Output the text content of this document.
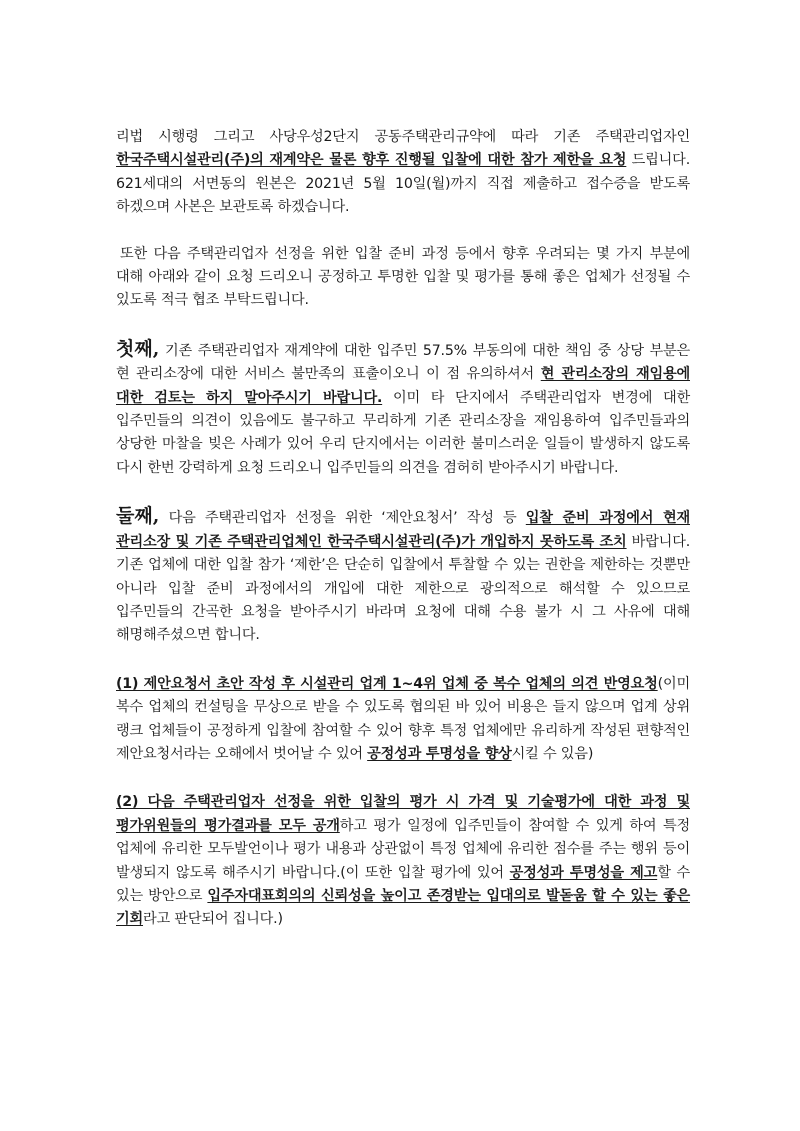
리법 시행령 그리고 사당우성2단지 공동주택관리규약에 따라 기존 주택관리업자인 한국주택시설관리(주)의 재계약은 물론 향후 진행될 입찰에 대한 참가 제한을 요청 드립니다. 621세대의 서면동의 원본은 2021년 5월 10일(월)까지 직접 제출하고 접수증을 받도록 하겠으며 사본은 보관토록 하겠습니다.

또한 다음 주택관리업자 선정을 위한 입찰 준비 과정 등에서 향후 우려되는 몇 가지 부분에 대해 아래와 같이 요청 드리오니 공정하고 투명한 입찰 및 평가를 통해 좋은 업체가 선정될 수 있도록 적극 협조 부탁드립니다.

첫째, 기존 주택관리업자 재계약에 대한 입주민 57.5% 부동의에 대한 책임 중 상당 부분은 현 관리소장에 대한 서비스 불만족의 표출이오니 이 점 유의하셔서 현 관리소장의 재임용에 대한 검토는 하지 말아주시기 바랍니다. 이미 타 단지에서 주택관리업자 변경에 대한 입주민들의 의견이 있음에도 불구하고 무리하게 기존 관리소장을 재임용하여 입주민들과의 상당한 마찰을 빚은 사례가 있어 우리 단지에서는 이러한 불미스러운 일들이 발생하지 않도록 다시 한번 강력하게 요청 드리오니 입주민들의 의견을 겸허히 받아주시기 바랍니다.

둘째, 다음 주택관리업자 선정을 위한 ‘제안요청서’ 작성 등 입찰 준비 과정에서 현재 관리소장 및 기존 주택관리업체인 한국주택시설관리(주)가 개입하지 못하도록 조치 바랍니다. 기존 업체에 대한 입찰 참가 ‘제한’은 단순히 입찰에서 투찰할 수 있는 권한을 제한하는 것뿐만 아니라 입찰 준비 과정에서의 개입에 대한 제한으로 광의적으로 해석할 수 있으므로 입주민들의 간곡한 요청을 받아주시기 바라며 요청에 대해 수용 불가 시 그 사유에 대해 해명해주셨으면 합니다.

(1) 제안요청서 초안 작성 후 시설관리 업계 1~4위 업체 중 복수 업체의 의견 반영요청(이미 복수 업체의 컨설팅을 무상으로 받을 수 있도록 협의된 바 있어 비용은 들지 않으며 업계 상위 랭크 업체들이 공정하게 입찰에 참여할 수 있어 향후 특정 업체에만 유리하게 작성된 편향적인 제안요청서라는 오해에서 벗어날 수 있어 공정성과 투명성을 향상시킬 수 있음)

(2) 다음 주택관리업자 선정을 위한 입찰의 평가 시 가격 및 기술평가에 대한 과정 및 평가위원들의 평가결과를 모두 공개하고 평가 일정에 입주민들이 참여할 수 있게 하여 특정 업체에 유리한 모두발언이나 평가 내용과 상관없이 특정 업체에 유리한 점수를 주는 행위 등이 발생되지 않도록 해주시기 바랍니다.(이 또한 입찰 평가에 있어 공정성과 투명성을 제고할 수 있는 방안으로 입주자대표회의의 신뢰성을 높이고 존경받는 입대의로 발돋움 할 수 있는 좋은 기회라고 판단되어 집니다.)
